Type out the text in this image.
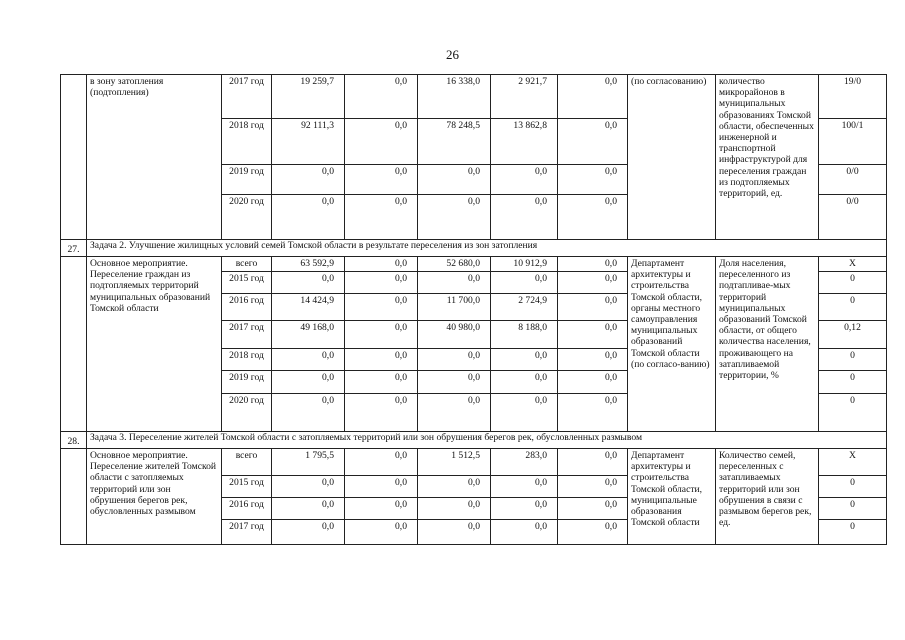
26
	в зону затопления (подтопления)	2017 год	19 259,7	0,0	16 338,0	2 921,7	0,0	(по согласованию)	количество микрорайонов в муниципальных образованиях Томской области, обеспеченных инженерной и транспортной инфраструктурой для переселения граждан из подтопляемых территорий, ед.	19/0
		2018 год	92 111,3	0,0	78 248,5	13 862,8	0,0			100/1
		2019 год	0,0	0,0	0,0	0,0	0,0			0/0
		2020 год	0,0	0,0	0,0	0,0	0,0			0/0
27.	Задача 2. Улучшение жилищных условий семей Томской области в результате переселения из зон затопления									
	Основное мероприятие. Переселение граждан из подтопляемых территорий муниципальных образований Томской области	всего	63 592,9	0,0	52 680,0	10 912,9	0,0	Департамент архитектуры и строительства Томской области, органы местного самоуправления муниципальных образований Томской области (по согласо-ванию)	Доля населения, переселенного из подтапливае-мых территорий муниципальных образований Томской области, от общего количества населения, проживающего на затапливаемой территории, %	X
		2015 год	0,0	0,0	0,0	0,0	0,0			0
		2016 год	14 424,9	0,0	11 700,0	2 724,9	0,0			0
		2017 год	49 168,0	0,0	40 980,0	8 188,0	0,0			0,12
		2018 год	0,0	0,0	0,0	0,0	0,0			0
		2019 год	0,0	0,0	0,0	0,0	0,0			0
		2020 год	0,0	0,0	0,0	0,0	0,0			0
28.	Задача 3. Переселение жителей Томской области с затопляемых территорий или зон обрушения берегов рек, обусловленных размывом									
	Основное мероприятие. Переселение жителей Томской области с затопляемых территорий или зон обрушения берегов рек, обусловленных размывом	всего	1 795,5	0,0	1 512,5	283,0	0,0	Департамент архитектуры и строительства Томской области, муниципальные образования Томской области	Количество семей, переселенных с затапливаемых территорий или зон обрушения в связи с размывом берегов рек, ед.	X
		2015 год	0,0	0,0	0,0	0,0	0,0			0
		2016 год	0,0	0,0	0,0	0,0	0,0			0
		2017 год	0,0	0,0	0,0	0,0	0,0			0
